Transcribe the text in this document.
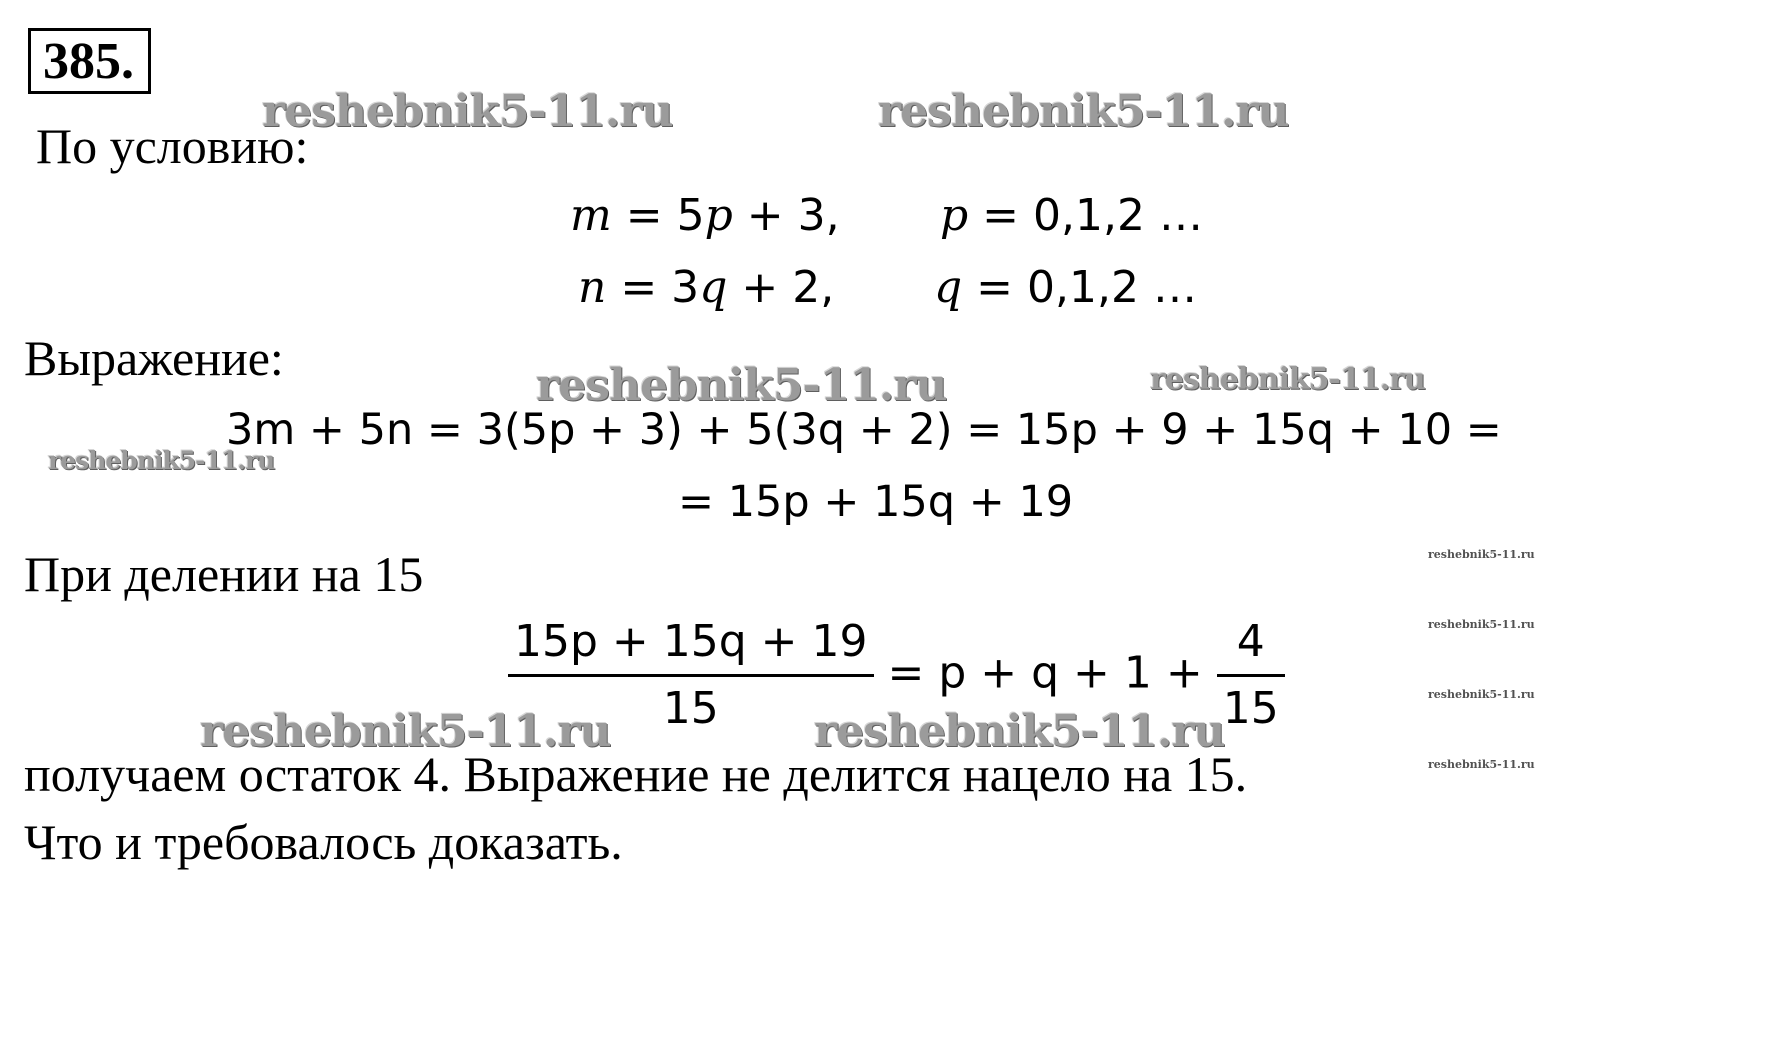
385.
reshebnik5-11.ru	reshebnik5-11.ru
По условию:
m = 5p + 3, p = 0,1,2 …
n = 3q + 2, q = 0,1,2 …
Выражение:	reshebnik5-11.ru	reshebnik5-11.ru
3m + 5n = 3(5p + 3) + 5(3q + 2) = 15p + 9 + 15q + 10 =
reshebnik5-11.ru
= 15p + 15q + 19
При делении на 15
$\frac{15p + 15q + 19}{15} = p + q + 1 + \frac{4}{15}$
reshebnik5-11.ru	reshebnik5-11.ru
reshebnik5-11.ru
reshebnik5-11.ru
reshebnik5-11.ru
reshebnik5-11.ru
получаем остаток 4. Выражение не делится нацело на 15.
Что и требовалось доказать.
